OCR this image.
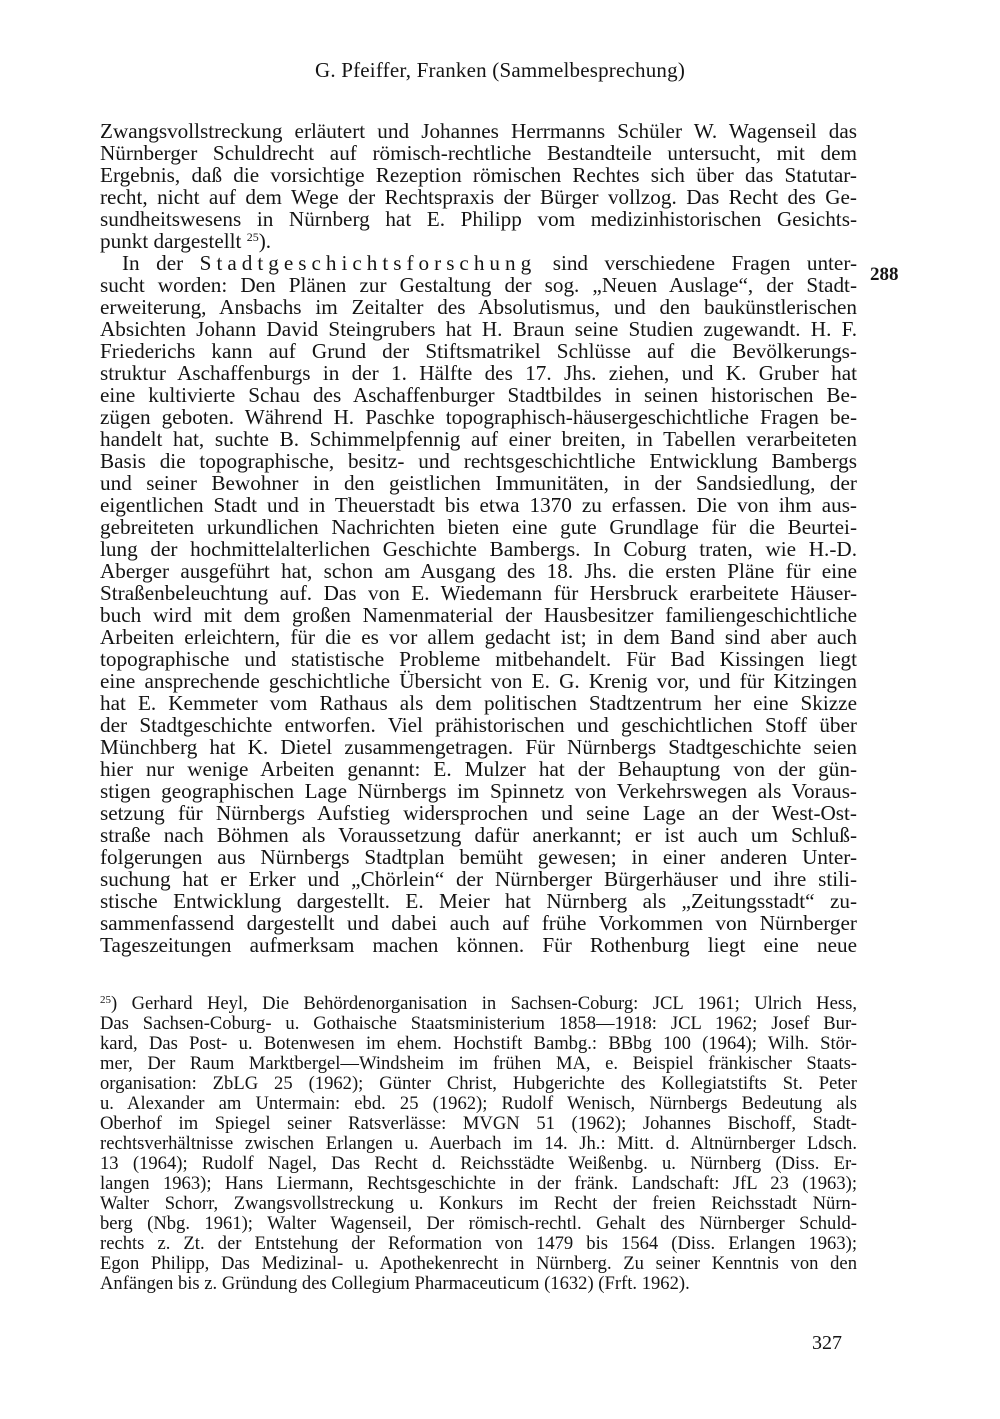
G. Pfeiffer, Franken (Sammelbesprechung)
288
Zwangsvollstreckung erläutert und Johannes Herrmanns Schüler W. Wagenseil das
Nürnberger Schuldrecht auf römisch-rechtliche Bestandteile untersucht, mit dem
Ergebnis, daß die vorsichtige Rezeption römischen Rechtes sich über das Statutar-
recht, nicht auf dem Wege der Rechtspraxis der Bürger vollzog. Das Recht des Ge-
sundheitswesens in Nürnberg hat E. Philipp vom medizinhistorischen Gesichts-
punkt dargestellt $^{25}$).
In der Stadtgeschichtsforschung sind verschiedene Fragen unter-
sucht worden: Den Plänen zur Gestaltung der sog. „Neuen Auslage“, der Stadt-
erweiterung, Ansbachs im Zeitalter des Absolutismus, und den baukünstlerischen
Absichten Johann David Steingrubers hat H. Braun seine Studien zugewandt. H. F.
Friederichs kann auf Grund der Stiftsmatrikel Schlüsse auf die Bevölkerungs-
struktur Aschaffenburgs in der 1. Hälfte des 17. Jhs. ziehen, und K. Gruber hat
eine kultivierte Schau des Aschaffenburger Stadtbildes in seinen historischen Be-
zügen geboten. Während H. Paschke topographisch-häusergeschichtliche Fragen be-
handelt hat, suchte B. Schimmelpfennig auf einer breiten, in Tabellen verarbeiteten
Basis die topographische, besitz- und rechtsgeschichtliche Entwicklung Bambergs
und seiner Bewohner in den geistlichen Immunitäten, in der Sandsiedlung, der
eigentlichen Stadt und in Theuerstadt bis etwa 1370 zu erfassen. Die von ihm aus-
gebreiteten urkundlichen Nachrichten bieten eine gute Grundlage für die Beurtei-
lung der hochmittelalterlichen Geschichte Bambergs. In Coburg traten, wie H.-D.
Aberger ausgeführt hat, schon am Ausgang des 18. Jhs. die ersten Pläne für eine
Straßenbeleuchtung auf. Das von E. Wiedemann für Hersbruck erarbeitete Häuser-
buch wird mit dem großen Namenmaterial der Hausbesitzer familiengeschichtliche
Arbeiten erleichtern, für die es vor allem gedacht ist; in dem Band sind aber auch
topographische und statistische Probleme mitbehandelt. Für Bad Kissingen liegt
eine ansprechende geschichtliche Übersicht von E. G. Krenig vor, und für Kitzingen
hat E. Kemmeter vom Rathaus als dem politischen Stadtzentrum her eine Skizze
der Stadtgeschichte entworfen. Viel prähistorischen und geschichtlichen Stoff über
Münchberg hat K. Dietel zusammengetragen. Für Nürnbergs Stadtgeschichte seien
hier nur wenige Arbeiten genannt: E. Mulzer hat der Behauptung von der gün-
stigen geographischen Lage Nürnbergs im Spinnetz von Verkehrswegen als Voraus-
setzung für Nürnbergs Aufstieg widersprochen und seine Lage an der West-Ost-
straße nach Böhmen als Voraussetzung dafür anerkannt; er ist auch um Schluß-
folgerungen aus Nürnbergs Stadtplan bemüht gewesen; in einer anderen Unter-
suchung hat er Erker und „Chörlein“ der Nürnberger Bürgerhäuser und ihre stili-
stische Entwicklung dargestellt. E. Meier hat Nürnberg als „Zeitungsstadt“ zu-
sammenfassend dargestellt und dabei auch auf frühe Vorkommen von Nürnberger
Tageszeitungen aufmerksam machen können. Für Rothenburg liegt eine neue
$^{25}$) Gerhard Heyl, Die Behördenorganisation in Sachsen-Coburg: JCL 1961; Ulrich Hess,
Das Sachsen-Coburg- u. Gothaische Staatsministerium 1858—1918: JCL 1962; Josef Bur-
kard, Das Post- u. Botenwesen im ehem. Hochstift Bambg.: BBbg 100 (1964); Wilh. Stör-
mer, Der Raum Marktbergel—Windsheim im frühen MA, e. Beispiel fränkischer Staats-
organisation: ZbLG 25 (1962); Günter Christ, Hubgerichte des Kollegiatstifts St. Peter
u. Alexander am Untermain: ebd. 25 (1962); Rudolf Wenisch, Nürnbergs Bedeutung als
Oberhof im Spiegel seiner Ratsverlässe: MVGN 51 (1962); Johannes Bischoff, Stadt-
rechtsverhältnisse zwischen Erlangen u. Auerbach im 14. Jh.: Mitt. d. Altnürnberger Ldsch.
13 (1964); Rudolf Nagel, Das Recht d. Reichsstädte Weißenbg. u. Nürnberg (Diss. Er-
langen 1963); Hans Liermann, Rechtsgeschichte in der fränk. Landschaft: JfL 23 (1963);
Walter Schorr, Zwangsvollstreckung u. Konkurs im Recht der freien Reichsstadt Nürn-
berg (Nbg. 1961); Walter Wagenseil, Der römisch-rechtl. Gehalt des Nürnberger Schuld-
rechts z. Zt. der Entstehung der Reformation von 1479 bis 1564 (Diss. Erlangen 1963);
Egon Philipp, Das Medizinal- u. Apothekenrecht in Nürnberg. Zu seiner Kenntnis von den
Anfängen bis z. Gründung des Collegium Pharmaceuticum (1632) (Frft. 1962).
327
